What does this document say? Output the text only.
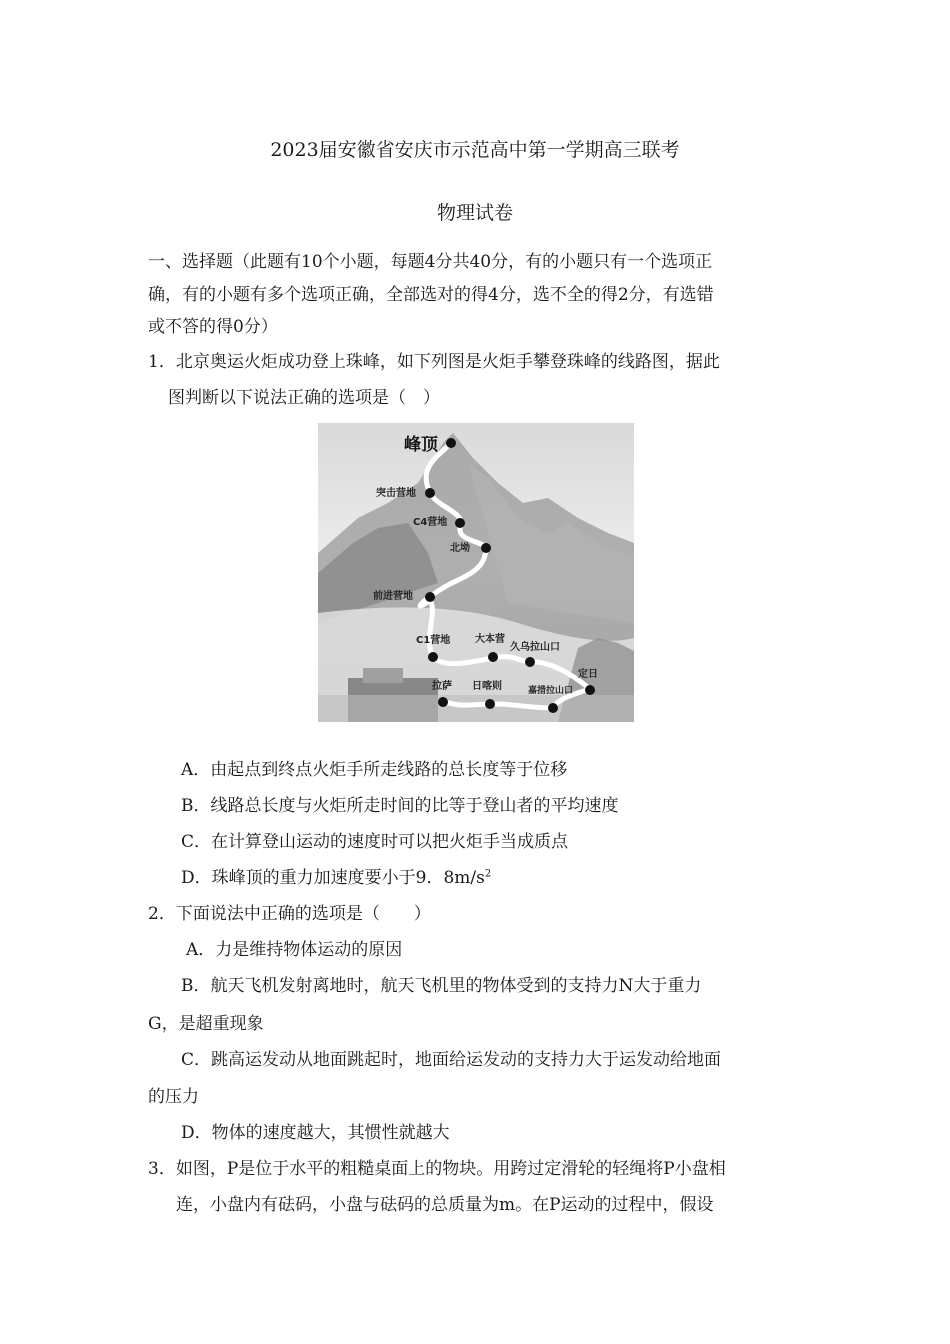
2023届安徽省安庆市示范高中第一学期高三联考
物理试卷
一、选择题（此题有10个小题，每题4分共40分，有的小题只有一个选项正
确，有的小题有多个选项正确，全部选对的得4分，选不全的得2分，有选错
或不答的得0分）
1．北京奥运火炬成功登上珠峰，如下列图是火炬手攀登珠峰的线路图，据此
图判断以下说法正确的选项是（　）
峰顶
突击营地
C4营地
北坳
前进营地
C1营地 大本营
久乌拉山口
定日
拉萨 日喀则	嘉措拉山口
A．由起点到终点火炬手所走线路的总长度等于位移
B．线路总长度与火炬所走时间的比等于登山者的平均速度
C．在计算登山运动的速度时可以把火炬手当成质点
D．珠峰顶的重力加速度要小于9．$8m/s^2$
2．下面说法中正确的选项是（　　）
A．力是维持物体运动的原因
B．航天飞机发射离地时，航天飞机里的物体受到的支持力N大于重力
G，是超重现象
C．跳高运发动从地面跳起时，地面给运发动的支持力大于运发动给地面
的压力
D．物体的速度越大，其惯性就越大
3．如图，P是位于水平的粗糙桌面上的物块。用跨过定滑轮的轻绳将P小盘相
连，小盘内有砝码，小盘与砝码的总质量为m。在P运动的过程中，假设
